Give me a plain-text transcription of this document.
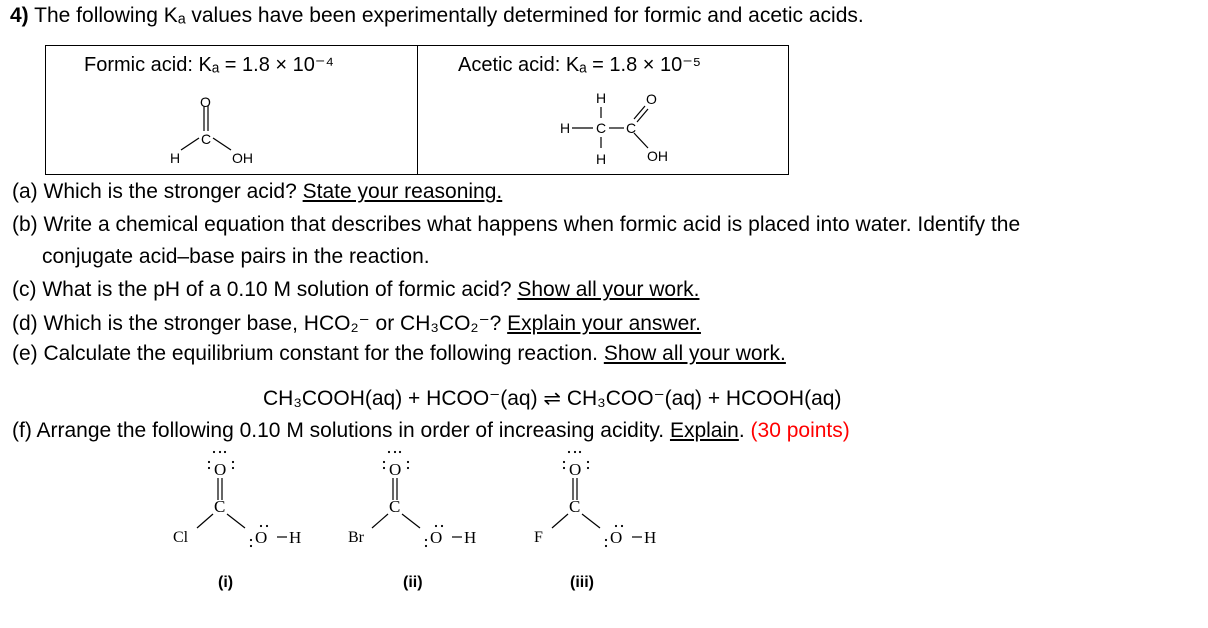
4) The following Kₐ values have been experimentally determined for formic and acetic acids.
Formic acid: Kₐ = 1.8 × 10⁻⁴	Acetic acid: Kₐ = 1.8 × 10⁻⁵
O
C
H	OH
H
H C C
O
H	OH
(a) Which is the stronger acid? State your reasoning.
(b) Write a chemical equation that describes what happens when formic acid is placed into water. Identify the
conjugate acid–base pairs in the reaction.
(c) What is the pH of a 0.10 M solution of formic acid? Show all your work.
(d) Which is the stronger base, HCO₂⁻ or CH₃CO₂⁻? Explain your answer.
(e) Calculate the equilibrium constant for the following reaction. Show all your work.
CH₃COOH(aq) + HCOO⁻(aq) ⇌ CH₃COO⁻(aq) + HCOOH(aq)
(f) Arrange the following 0.10 M solutions in order of increasing acidity. Explain. (30 points)
O
C
Cl	O H
(i)
O
C
Br	O H
(ii)
O
C
F	O H
(iii)
